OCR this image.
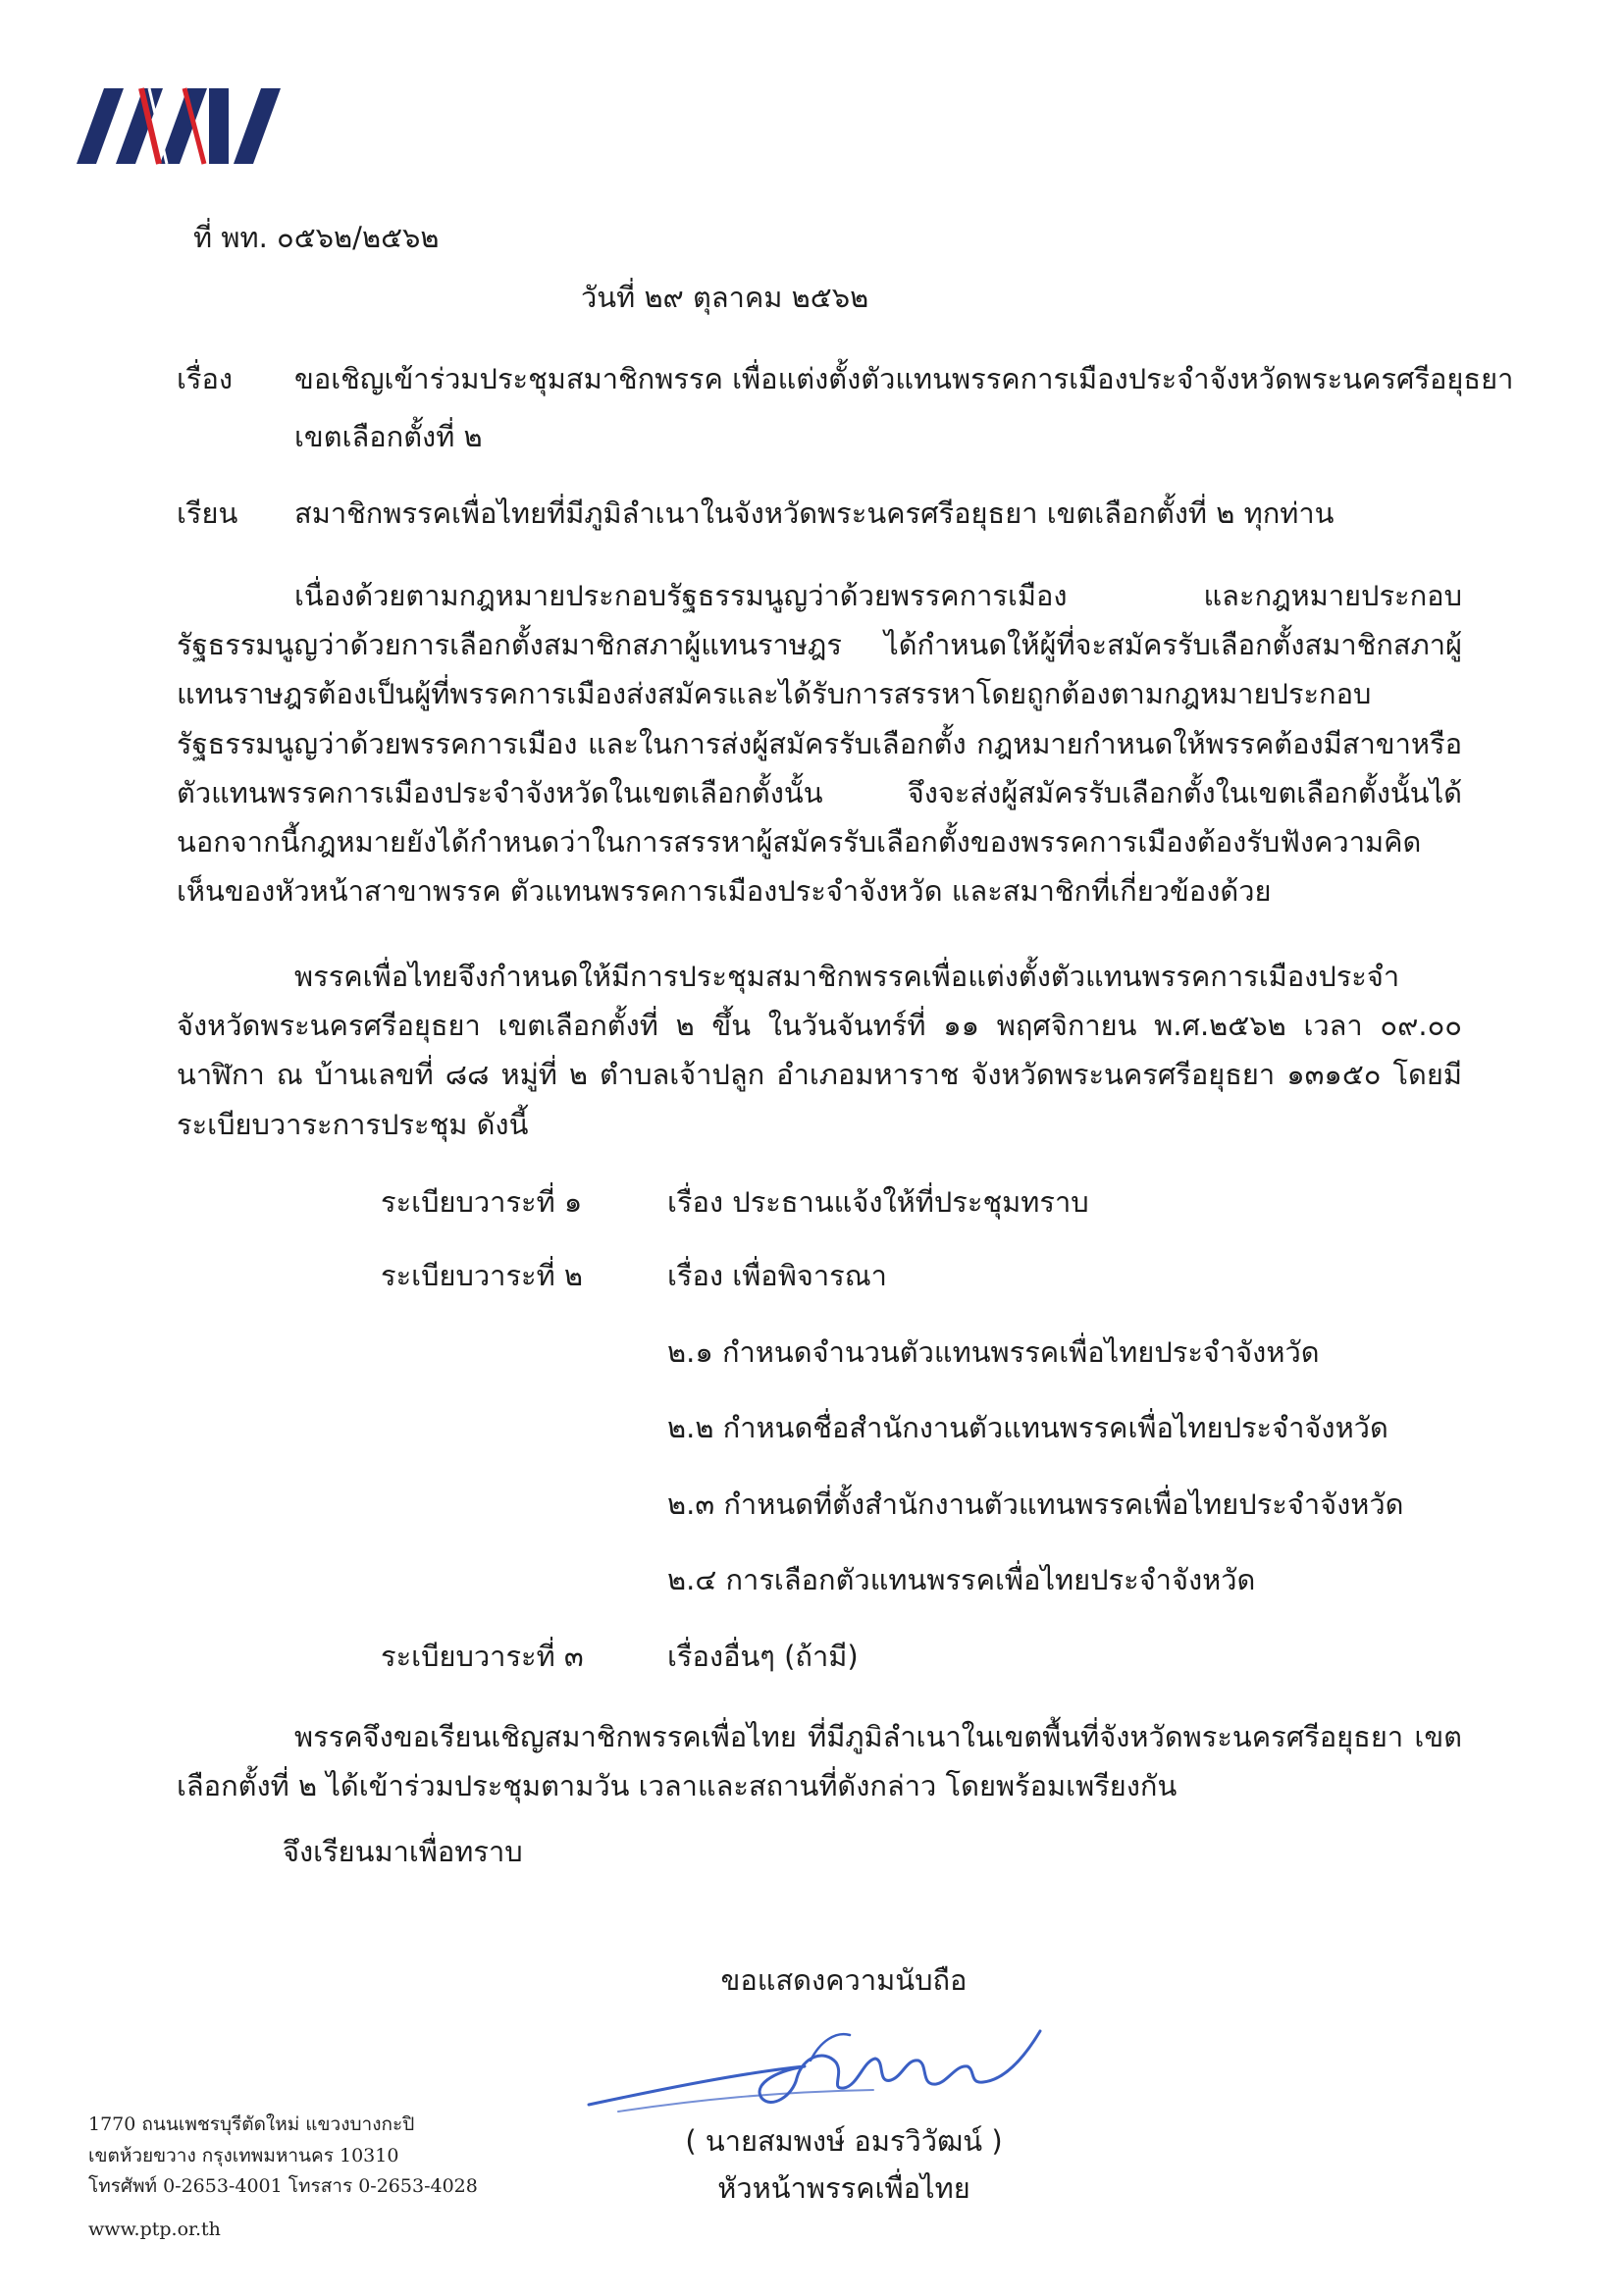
ที่ พท. ๐๕๖๒/๒๕๖๒
วันที่ ๒๙ ตุลาคม ๒๕๖๒
เรื่อง ขอเชิญเข้าร่วมประชุมสมาชิกพรรค เพื่อแต่งตั้งตัวแทนพรรคการเมืองประจำจังหวัดพระนครศรีอยุธยา
เขตเลือกตั้งที่ ๒
เรียน สมาชิกพรรคเพื่อไทยที่มีภูมิลำเนาในจังหวัดพระนครศรีอยุธยา เขตเลือกตั้งที่ ๒ ทุกท่าน
เนื่องด้วยตามกฎหมายประกอบรัฐธรรมนูญว่าด้วยพรรคการเมือง และกฎหมายประกอบรัฐธรรมนูญว่าด้วยการเลือกตั้งสมาชิกสภาผู้แทนราษฎร ได้กำหนดให้ผู้ที่จะสมัครรับเลือกตั้งสมาชิกสภาผู้แทนราษฎรต้องเป็นผู้ที่พรรคการเมืองส่งสมัครและได้รับการสรรหาโดยถูกต้องตามกฎหมายประกอบรัฐธรรมนูญว่าด้วยพรรคการเมือง และในการส่งผู้สมัครรับเลือกตั้ง กฎหมายกำหนดให้พรรคต้องมีสาขาหรือตัวแทนพรรคการเมืองประจำจังหวัดในเขตเลือกตั้งนั้น จึงจะส่งผู้สมัครรับเลือกตั้งในเขตเลือกตั้งนั้นได้ นอกจากนี้กฎหมายยังได้กำหนดว่าในการสรรหาผู้สมัครรับเลือกตั้งของพรรคการเมืองต้องรับฟังความคิดเห็นของหัวหน้าสาขาพรรค ตัวแทนพรรคการเมืองประจำจังหวัด และสมาชิกที่เกี่ยวข้องด้วย
พรรคเพื่อไทยจึงกำหนดให้มีการประชุมสมาชิกพรรคเพื่อแต่งตั้งตัวแทนพรรคการเมืองประจำจังหวัดพระนครศรีอยุธยา เขตเลือกตั้งที่ ๒ ขึ้น ในวันจันทร์ที่ ๑๑ พฤศจิกายน พ.ศ.๒๕๖๒ เวลา ๐๙.๐๐ นาฬิกา ณ บ้านเลขที่ ๘๘ หมู่ที่ ๒ ตำบลเจ้าปลูก อำเภอมหาราช จังหวัดพระนครศรีอยุธยา ๑๓๑๕๐ โดยมีระเบียบวาระการประชุม ดังนี้
ระเบียบวาระที่ ๑	เรื่อง ประธานแจ้งให้ที่ประชุมทราบ
ระเบียบวาระที่ ๒	เรื่อง เพื่อพิจารณา
๒.๑ กำหนดจำนวนตัวแทนพรรคเพื่อไทยประจำจังหวัด
๒.๒ กำหนดชื่อสำนักงานตัวแทนพรรคเพื่อไทยประจำจังหวัด
๒.๓ กำหนดที่ตั้งสำนักงานตัวแทนพรรคเพื่อไทยประจำจังหวัด
๒.๔ การเลือกตัวแทนพรรคเพื่อไทยประจำจังหวัด
ระเบียบวาระที่ ๓	เรื่องอื่นๆ (ถ้ามี)
พรรคจึงขอเรียนเชิญสมาชิกพรรคเพื่อไทย ที่มีภูมิลำเนาในเขตพื้นที่จังหวัดพระนครศรีอยุธยา เขตเลือกตั้งที่ ๒ ได้เข้าร่วมประชุมตามวัน เวลาและสถานที่ดังกล่าว โดยพร้อมเพรียงกัน
จึงเรียนมาเพื่อทราบ
ขอแสดงความนับถือ
( นายสมพงษ์ อมรวิวัฒน์ )
หัวหน้าพรรคเพื่อไทย
1770 ถนนเพชรบุรีตัดใหม่ แขวงบางกะปิ
เขตห้วยขวาง กรุงเทพมหานคร 10310
โทรศัพท์ 0-2653-4001 โทรสาร 0-2653-4028
www.ptp.or.th
